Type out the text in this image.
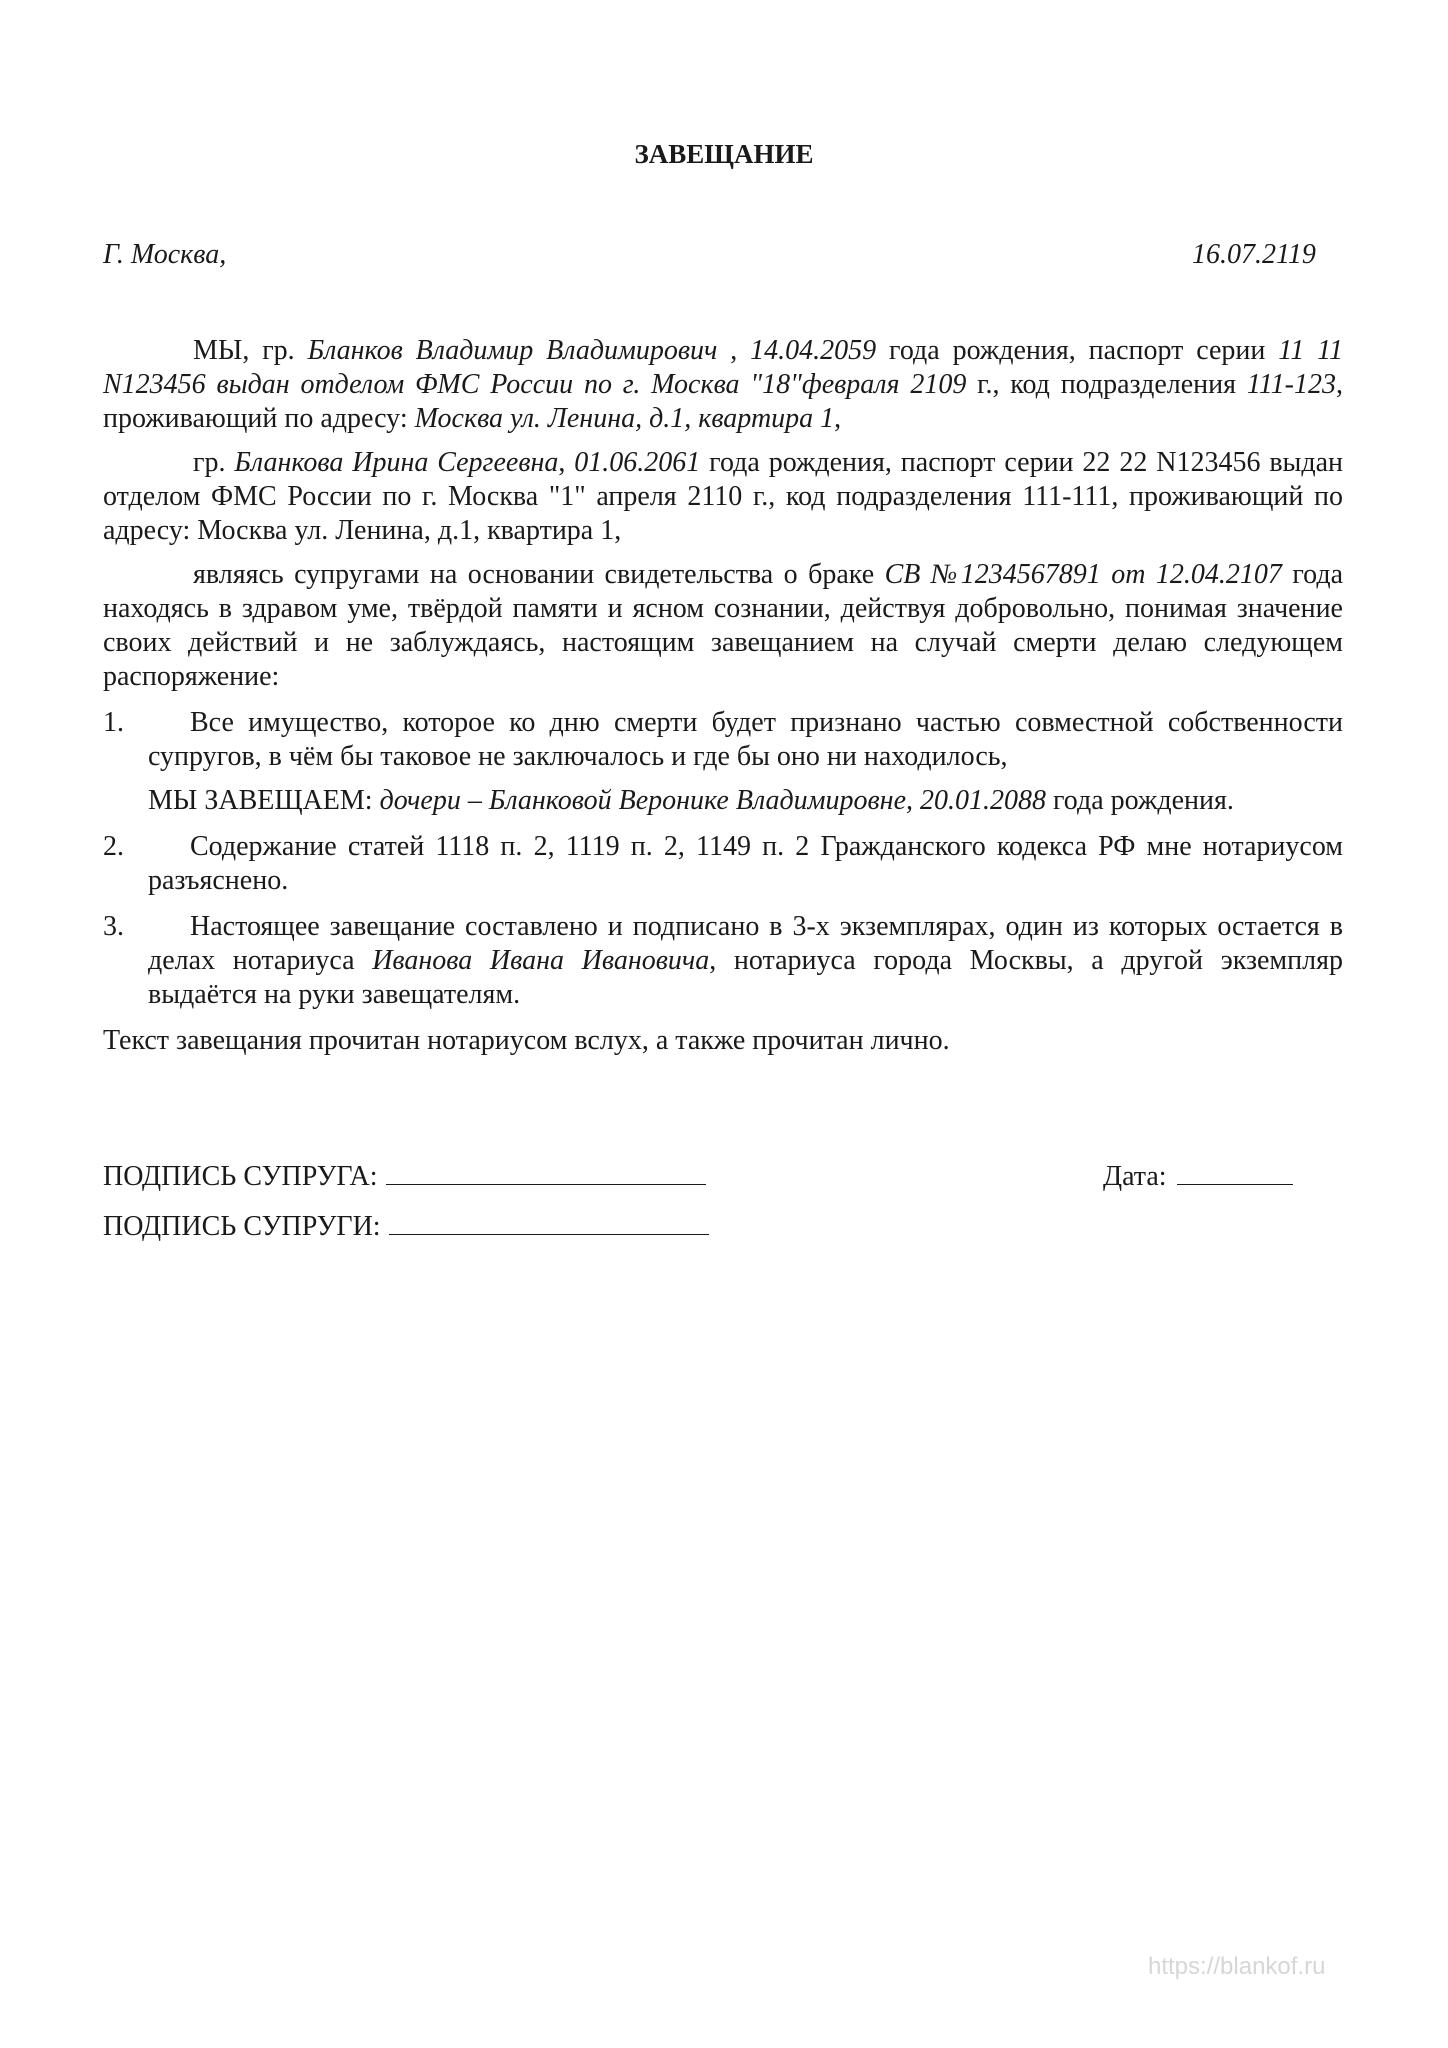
ЗАВЕЩАНИЕ
Г. Москва,	16.07.2119

МЫ, гр. Бланков Владимир Владимирович , 14.04.2059 года рождения, паспорт серии 11 11 N123456 выдан отделом ФМС России по г. Москва "18"февраля 2109 г., код подразделения 111-123, проживающий по адресу: Москва ул. Ленина, д.1, квартира 1,

гр. Бланкова Ирина Сергеевна, 01.06.2061 года рождения, паспорт серии 22 22 N123456 выдан отделом ФМС России по г. Москва "1" апреля 2110 г., код подразделения 111-111, проживающий по адресу: Москва ул. Ленина, д.1, квартира 1,

являясь супругами на основании свидетельства о браке СВ №1234567891 от 12.04.2107 года находясь в здравом уме, твёрдой памяти и ясном сознании, действуя добровольно, понимая значение своих действий и не заблуждаясь, настоящим завещанием на случай смерти делаю следующем распоряжение:

1.	Все имущество, которое ко дню смерти будет признано частью совместной собственности супругов, в чём бы таковое не заключалось и где бы оно ни находилось,

МЫ ЗАВЕЩАЕМ: дочери – Бланковой Веронике Владимировне, 20.01.2088 года рождения.

2.	Содержание статей 1118 п. 2, 1119 п. 2, 1149 п. 2 Гражданского кодекса РФ мне нотариусом разъяснено.
3.	Настоящее завещание составлено и подписано в 3-х экземплярах, один из которых остается в делах нотариуса Иванова Ивана Ивановича, нотариуса города Москвы, а другой экземпляр выдаётся на руки завещателям.

Текст завещания прочитан нотариусом вслух, а также прочитан лично.

ПОДПИСЬ СУПРУГА:	Дата:
ПОДПИСЬ СУПРУГИ:
https://blankof.ru
